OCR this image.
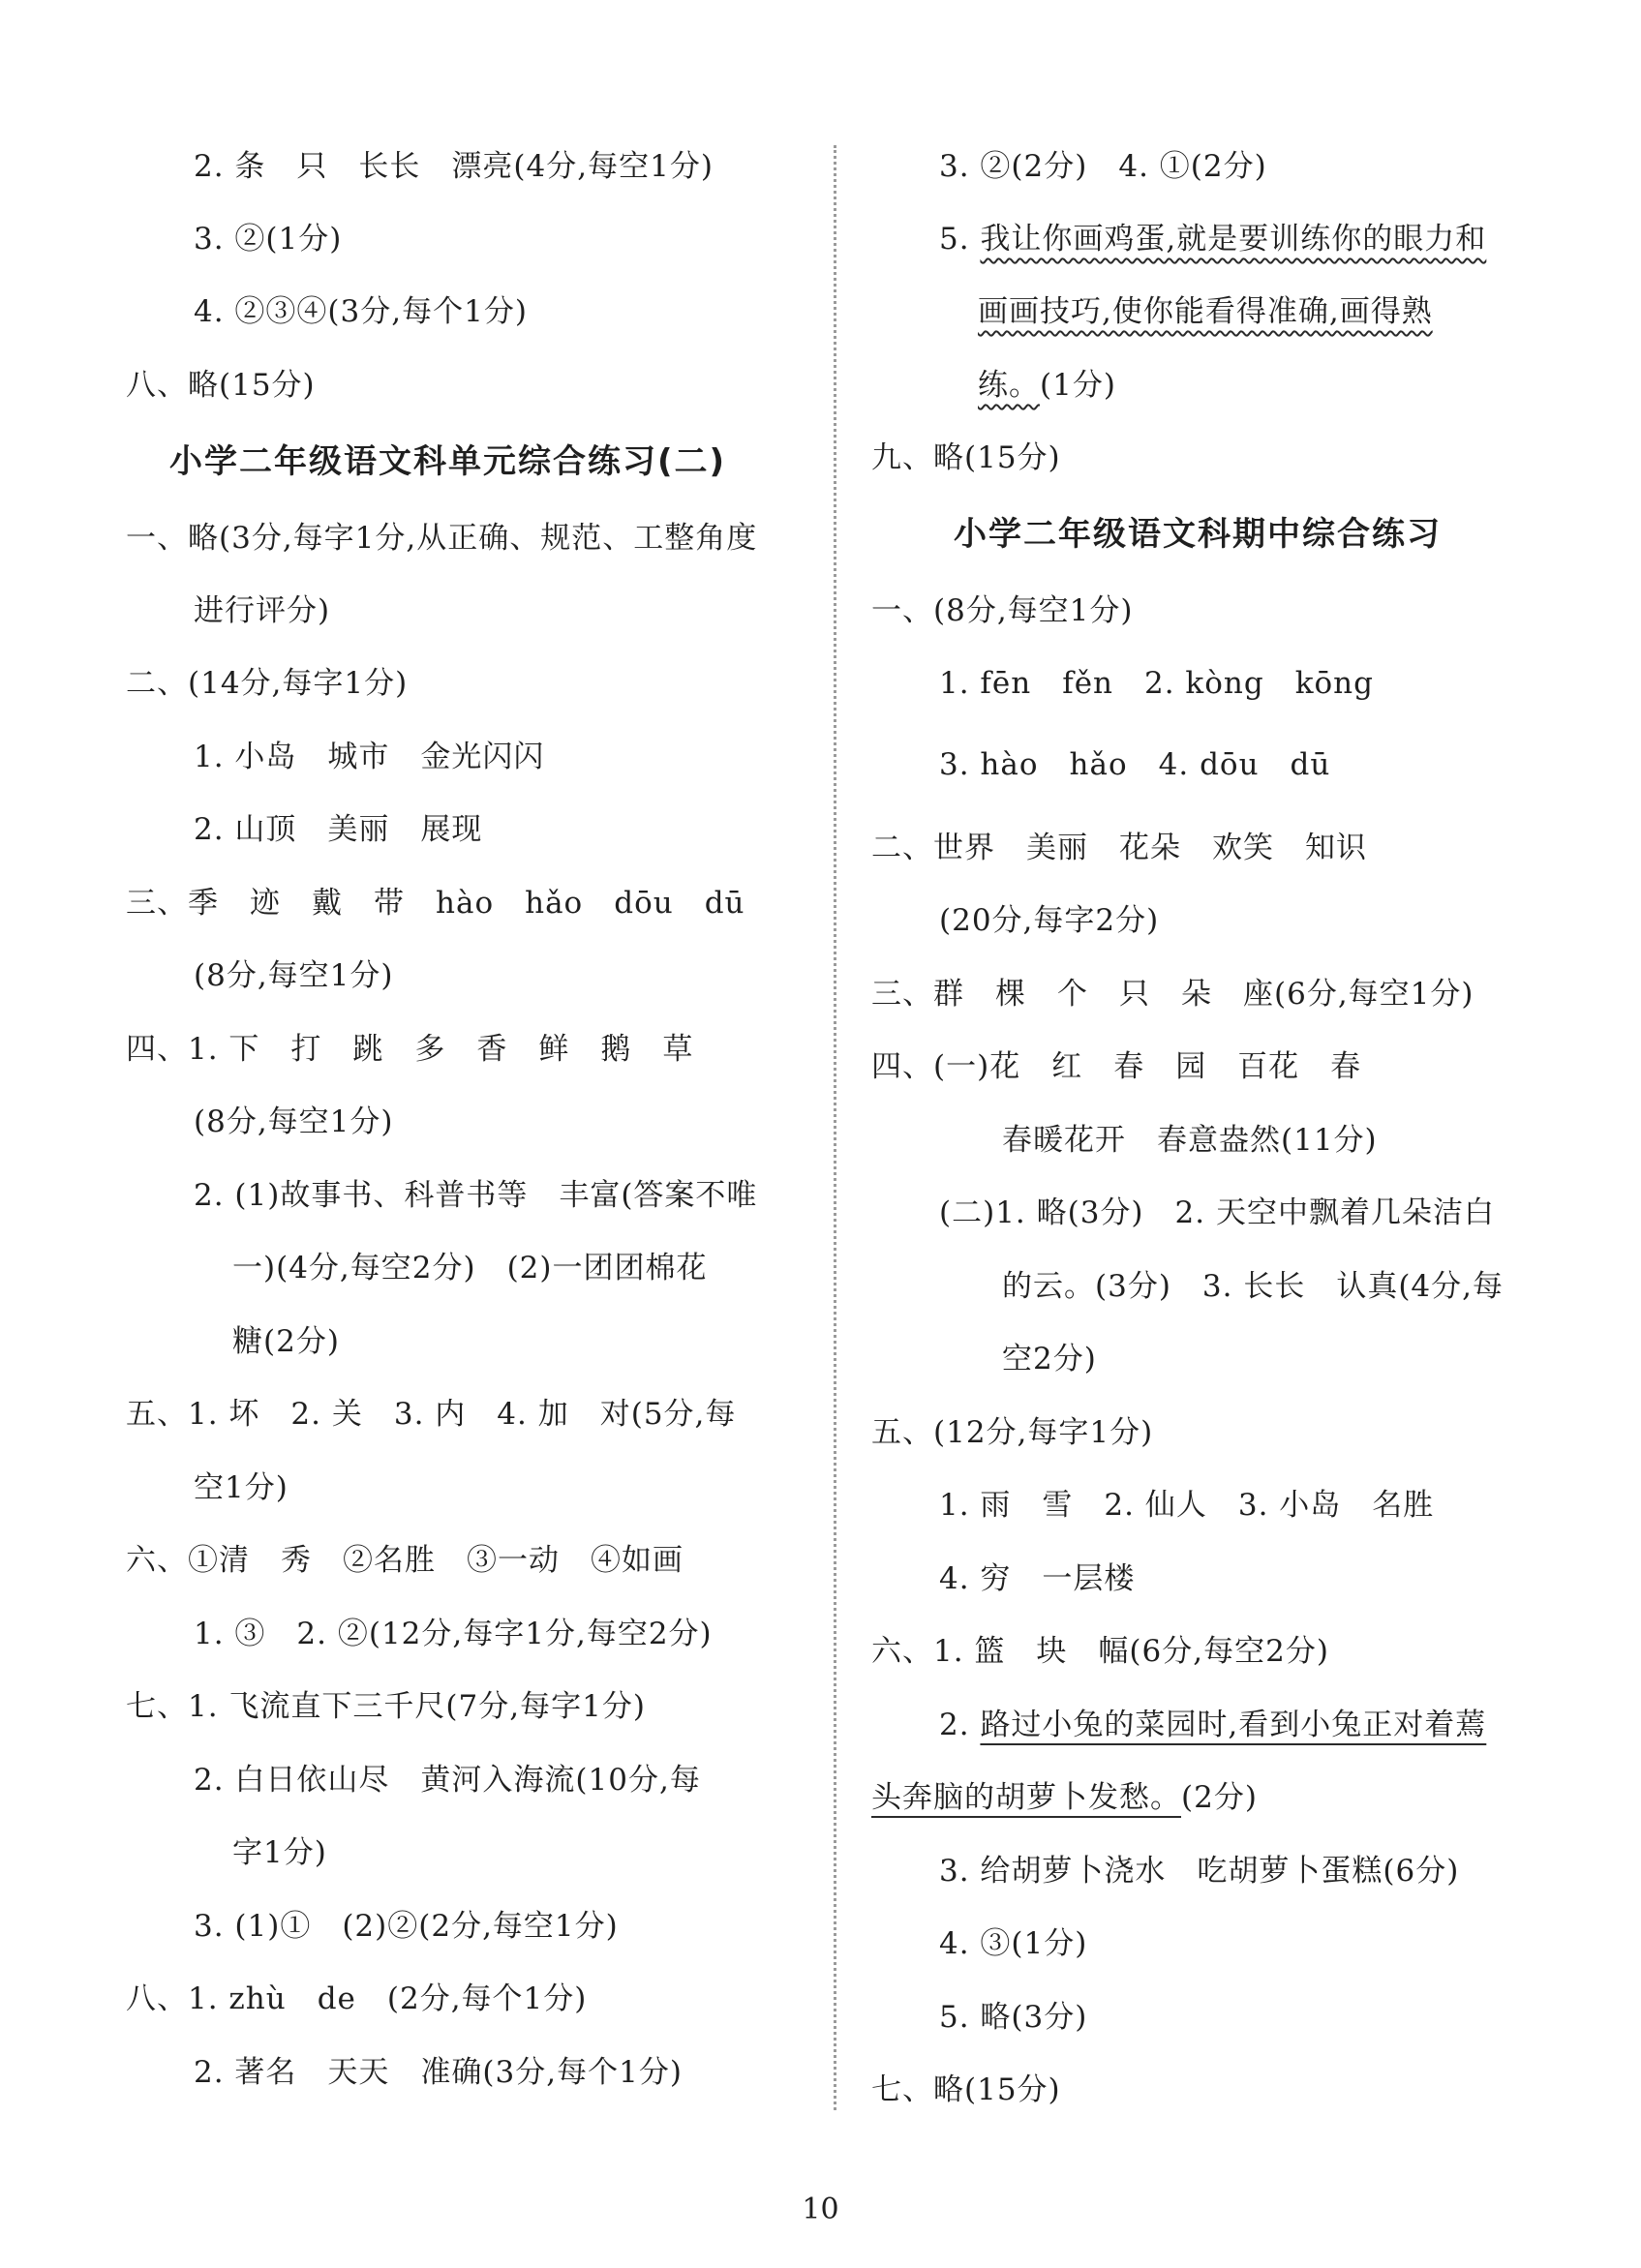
小学二年级语文科单元综合练习(二)
2. 条　只　长长　漂亮(4分,每空1分)
3. ②(1分)
4. ②③④(3分,每个1分)
八、略(15分)
一、略(3分,每字1分,从正确、规范、工整角度
进行评分)
二、(14分,每字1分)
1. 小岛　城市　金光闪闪
2. 山顶　美丽　展现
三、季　迹　戴　带　hào　hǎo　dōu　dū
(8分,每空1分)
四、1. 下　打　跳　多　香　鲜　鹅　草
(8分,每空1分)
2. (1)故事书、科普书等　丰富(答案不唯
一)(4分,每空2分)　(2)一团团棉花
糖(2分)
五、1. 坏　2. 关　3. 内　4. 加　对(5分,每
空1分)
六、①清　秀　②名胜　③一动　④如画
1. ③　2. ②(12分,每字1分,每空2分)
七、1. 飞流直下三千尺(7分,每字1分)
2. 白日依山尽　黄河入海流(10分,每
字1分)
3. (1)①　(2)②(2分,每空1分)
八、1. zhù　de　(2分,每个1分)
2. 著名　天天　准确(3分,每个1分)
小学二年级语文科期中综合练习
3. ②(2分)　4. ①(2分)
5. 我让你画鸡蛋,就是要训练你的眼力和
画画技巧,使你能看得准确,画得熟
练。(1分)
九、略(15分)
一、(8分,每空1分)
1. fēn　fěn　2. kòng　kōng
3. hào　hǎo　4. dōu　dū
二、世界　美丽　花朵　欢笑　知识
(20分,每字2分)
三、群　棵　个　只　朵　座(6分,每空1分)
四、(一)花　红　春　园　百花　春
春暖花开　春意盎然(11分)
(二)1. 略(3分)　2. 天空中飘着几朵洁白
的云。(3分)　3. 长长　认真(4分,每
空2分)
五、(12分,每字1分)
1. 雨　雪　2. 仙人　3. 小岛　名胜
4. 穷　一层楼
六、1. 篮　块　幅(6分,每空2分)
2. 路过小兔的菜园时,看到小兔正对着蔫
头奔脑的胡萝卜发愁。(2分)
3. 给胡萝卜浇水　吃胡萝卜蛋糕(6分)
4. ③(1分)
5. 略(3分)
七、略(15分)
10
